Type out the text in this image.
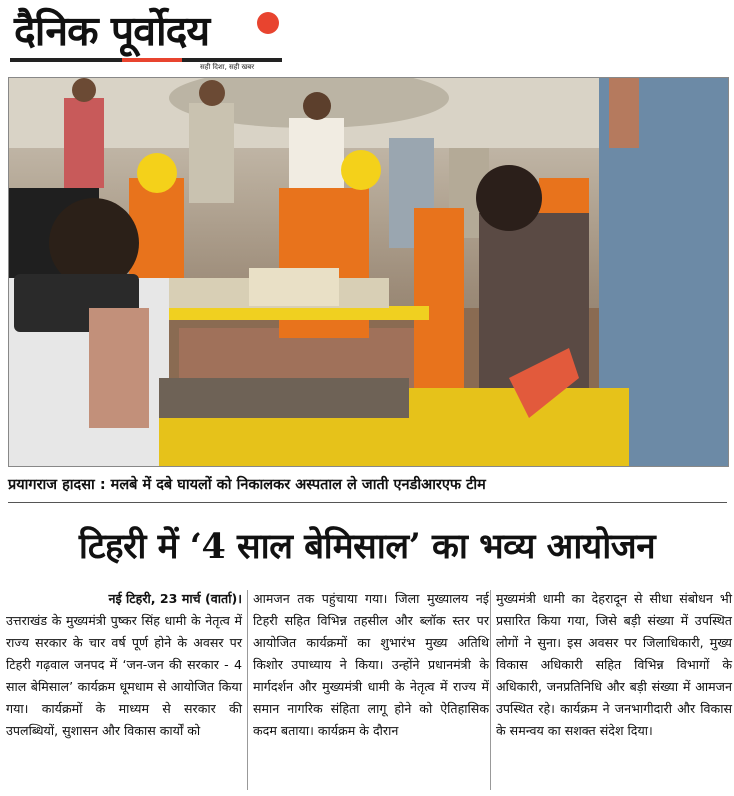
दैनिक पूर्वोदय
सही दिशा, सही खबर
प्रयागराज हादसा : मलबे में दबे घायलों को निकालकर अस्पताल ले जाती एनडीआरएफ टीम
टिहरी में ‘4 साल बेमिसाल’ का भव्य आयोजन
नई टिहरी, 23 मार्च (वार्ता)।

उत्तराखंड के मुख्यमंत्री पुष्कर सिंह धामी के नेतृत्व में राज्य सरकार के चार वर्ष पूर्ण होने के अवसर पर टिहरी गढ़वाल जनपद में ‘जन-जन की सरकार - 4 साल बेमिसाल’ कार्यक्रम धूमधाम से आयोजित किया गया। कार्यक्रमों के माध्यम से सरकार की उपलब्धियों, सुशासन और विकास कार्यों को

आमजन तक पहुंचाया गया। जिला मुख्यालय नई टिहरी सहित विभिन्न तहसील और ब्लॉक स्तर पर आयोजित कार्यक्रमों का शुभारंभ मुख्य अतिथि किशोर उपाध्याय ने किया। उन्होंने प्रधानमंत्री के मार्गदर्शन और मुख्यमंत्री धामी के नेतृत्व में राज्य में समान नागरिक संहिता लागू होने को ऐतिहासिक कदम बताया। कार्यक्रम के दौरान

मुख्यमंत्री धामी का देहरादून से सीधा संबोधन भी प्रसारित किया गया, जिसे बड़ी संख्या में उपस्थित लोगों ने सुना। इस अवसर पर जिलाधिकारी, मुख्य विकास अधिकारी सहित विभिन्न विभागों के अधिकारी, जनप्रतिनिधि और बड़ी संख्या में आमजन उपस्थित रहे। कार्यक्रम ने जनभागीदारी और विकास के समन्वय का सशक्त संदेश दिया।
